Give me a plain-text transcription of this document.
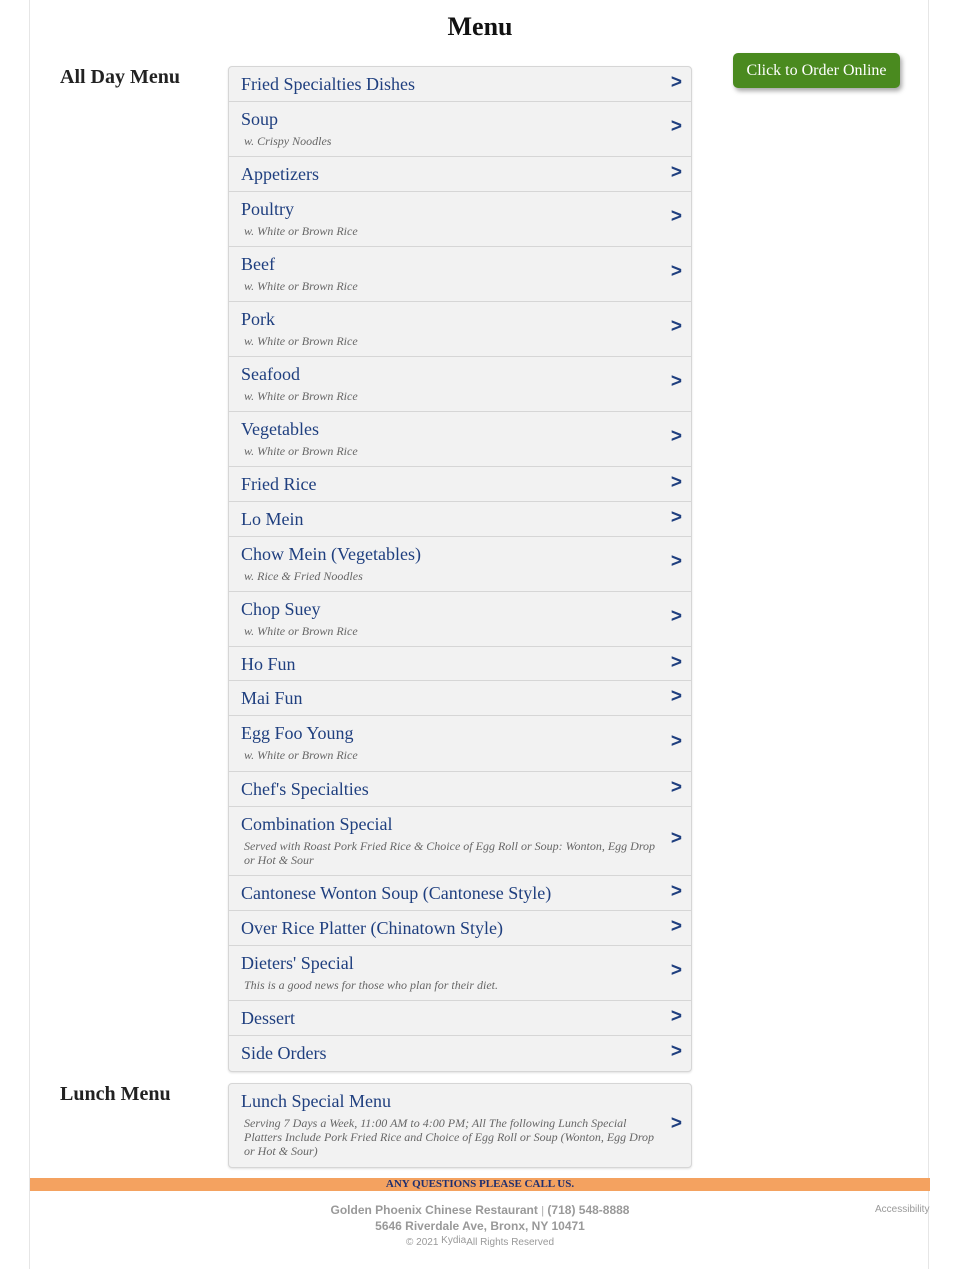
Menu
Click to Order Online
All Day Menu	Fried Specialties Dishes	>
Soup
w. Crispy Noodles
>
Appetizers	>
Poultry
w. White or Brown Rice
>
Beef
w. White or Brown Rice
>
Pork
w. White or Brown Rice
>
Seafood
w. White or Brown Rice
>
Vegetables
w. White or Brown Rice
>
Fried Rice	>
Lo Mein	>
Chow Mein (Vegetables)
w. Rice & Fried Noodles
>
Chop Suey
w. White or Brown Rice
>
Ho Fun	>
Mai Fun	>
Egg Foo Young
w. White or Brown Rice
>
Chef's Specialties	>
Combination Special
Served with Roast Pork Fried Rice & Choice of Egg Roll or Soup: Wonton, Egg Drop or Hot & Sour
>
Cantonese Wonton Soup (Cantonese Style)	>
Over Rice Platter (Chinatown Style)	>
Dieters' Special
This is a good news for those who plan for their diet.
>
Dessert	>
Side Orders	>
Lunch Menu	Lunch Special Menu
Serving 7 Days a Week, 11:00 AM to 4:00 PM; All The following Lunch Special Platters Include Pork Fried Rice and Choice of Egg Roll or Soup (Wonton, Egg Drop or Hot & Sour)
>
ANY QUESTIONS PLEASE CALL US.
Golden Phoenix Chinese Restaurant | (718) 548-8888
5646 Riverdale Ave, Bronx, NY 10471
© 2021 KydiaAll Rights Reserved
Accessibility
